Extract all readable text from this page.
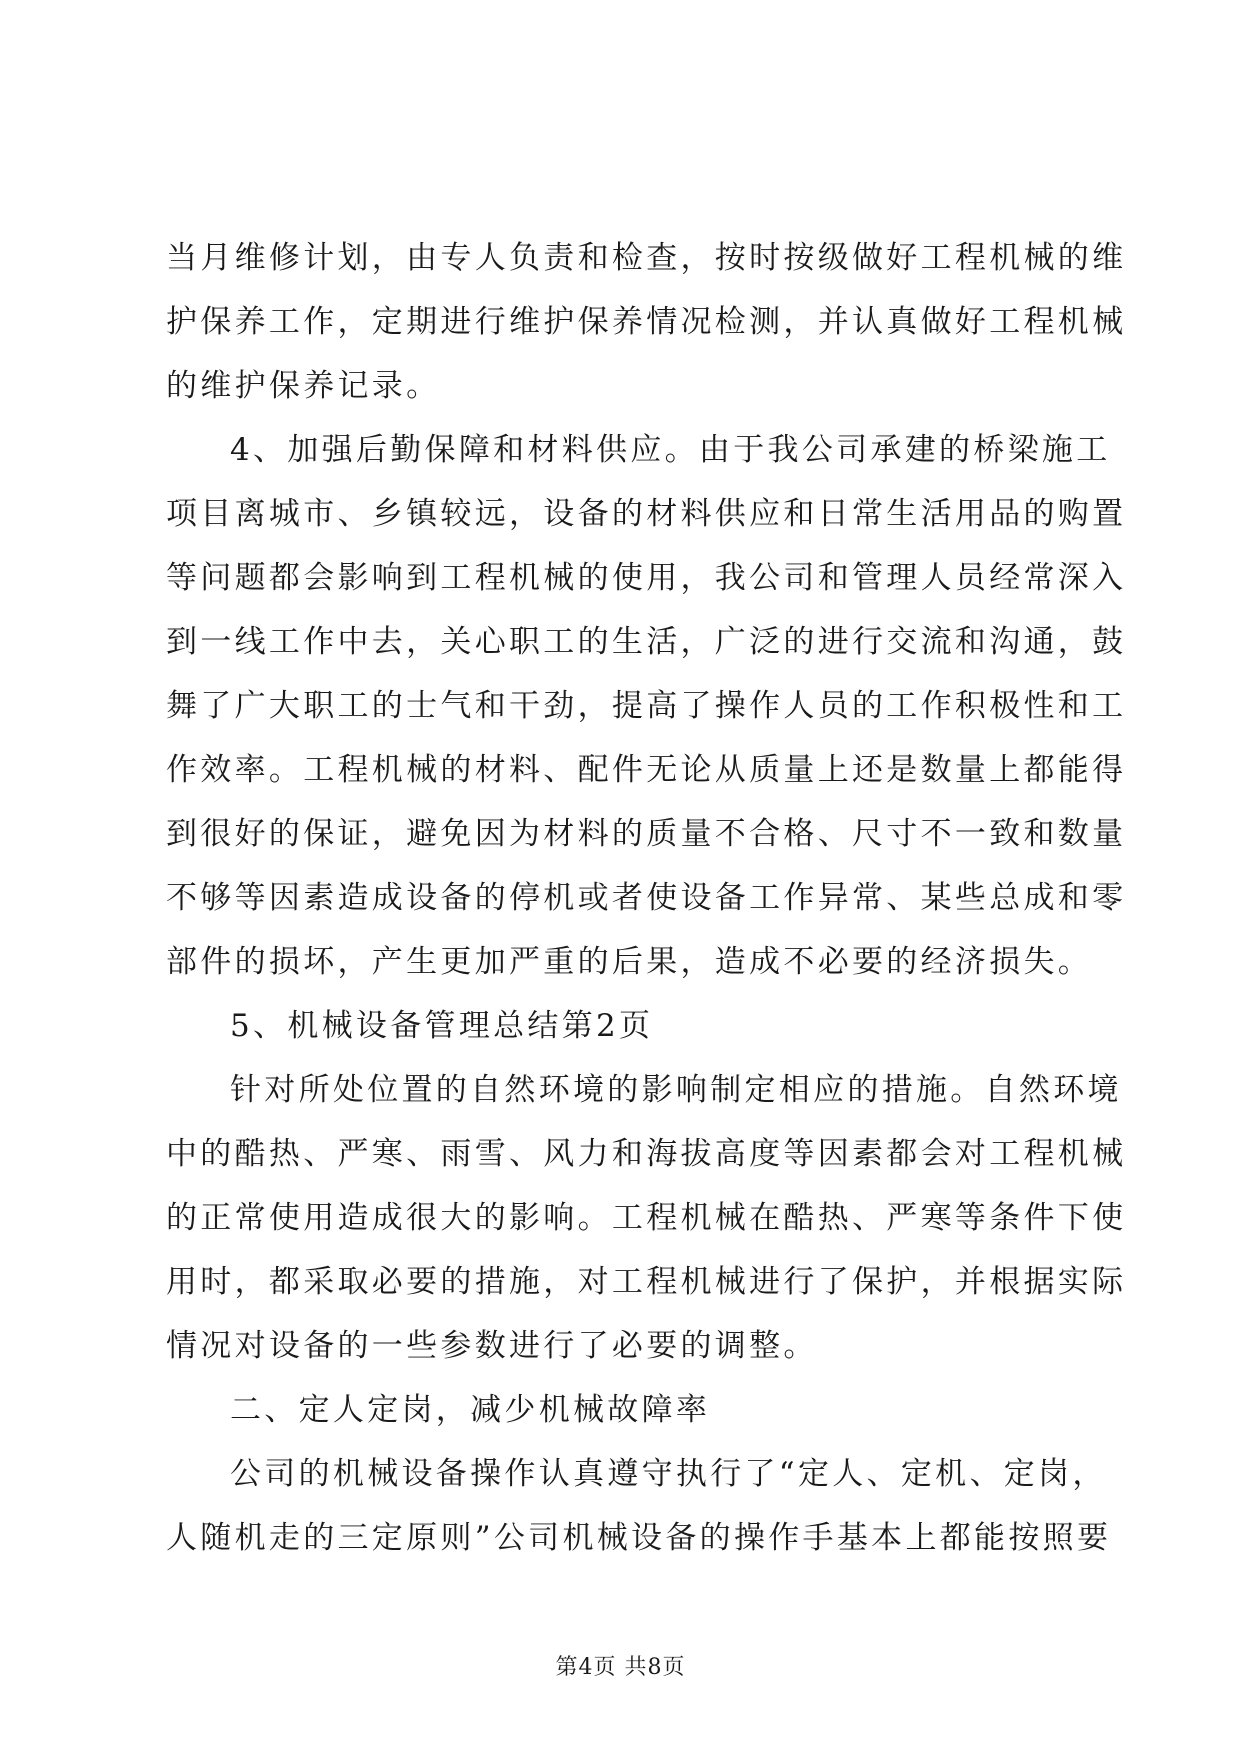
当月维修计划，由专人负责和检查，按时按级做好工程机械的维
护保养工作，定期进行维护保养情况检测，并认真做好工程机械
的维护保养记录。
4、加强后勤保障和材料供应。由于我公司承建的桥梁施工
项目离城市、乡镇较远，设备的材料供应和日常生活用品的购置
等问题都会影响到工程机械的使用，我公司和管理人员经常深入
到一线工作中去，关心职工的生活，广泛的进行交流和沟通，鼓
舞了广大职工的士气和干劲，提高了操作人员的工作积极性和工
作效率。工程机械的材料、配件无论从质量上还是数量上都能得
到很好的保证，避免因为材料的质量不合格、尺寸不一致和数量
不够等因素造成设备的停机或者使设备工作异常、某些总成和零
部件的损坏，产生更加严重的后果，造成不必要的经济损失。
5、机械设备管理总结第2页
针对所处位置的自然环境的影响制定相应的措施。自然环境
中的酷热、严寒、雨雪、风力和海拔高度等因素都会对工程机械
的正常使用造成很大的影响。工程机械在酷热、严寒等条件下使
用时，都采取必要的措施，对工程机械进行了保护，并根据实际
情况对设备的一些参数进行了必要的调整。
二、定人定岗，减少机械故障率
公司的机械设备操作认真遵守执行了“定人、定机、定岗，
人随机走的三定原则”公司机械设备的操作手基本上都能按照要
第4页 共8页
